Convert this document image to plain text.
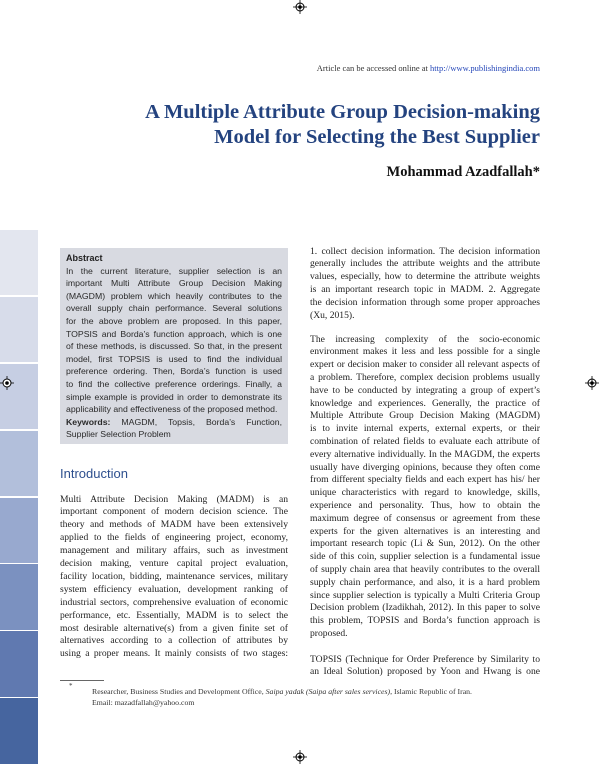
Article can be accessed online at http://www.publishingindia.com
A Multiple Attribute Group Decision-making
Model for Selecting the Best Supplier
Mohammad Azadfallah*
Abstract
In the current literature, supplier selection is an
important Multi Attribute Group Decision Making
(MAGDM) problem which heavily contributes to the
overall supply chain performance. Several solutions
for the above problem are proposed. In this paper,
TOPSIS and Borda’s function approach, which is one
of these methods, is discussed. So that, in the present
model, first TOPSIS is used to find the individual
preference ordering. Then, Borda’s function is used
to find the collective preference orderings. Finally, a
simple example is provided in order to demonstrate its
applicability and effectiveness of the proposed method.
Keywords: MAGDM, Topsis, Borda’s Function,
Supplier Selection Problem
Introduction
Multi Attribute Decision Making (MADM) is an
important component of modern decision science. The
theory and methods of MADM have been extensively
applied to the fields of engineering project, economy,
management and military affairs, such as investment
decision making, venture capital project evaluation,
facility location, bidding, maintenance services, military
system efficiency evaluation, development ranking of
industrial sectors, comprehensive evaluation of economic
performance, etc. Essentially, MADM is to select the
most desirable alternative(s) from a given finite set of
alternatives according to a collection of attributes by
using a proper means. It mainly consists of two stages:
1. collect decision information. The decision information
generally includes the attribute weights and the attribute
values, especially, how to determine the attribute weights
is an important research topic in MADM. 2. Aggregate
the decision information through some proper approaches
(Xu, 2015).
The increasing complexity of the socio-economic
environment makes it less and less possible for a single
expert or decision maker to consider all relevant aspects of
a problem. Therefore, complex decision problems usually
have to be conducted by integrating a group of expert’s
knowledge and experiences. Generally, the practice of
Multiple Attribute Group Decision Making (MAGDM)
is to invite internal experts, external experts, or their
combination of related fields to evaluate each attribute of
every alternative individually. In the MAGDM, the experts
usually have diverging opinions, because they often come
from different specialty fields and each expert has his/ her
unique characteristics with regard to knowledge, skills,
experience and personality. Thus, how to obtain the
maximum degree of consensus or agreement from these
experts for the given alternatives is an interesting and
important research topic (Li & Sun, 2012). On the other
side of this coin, supplier selection is a fundamental issue
of supply chain area that heavily contributes to the overall
supply chain performance, and also, it is a hard problem
since supplier selection is typically a Multi Criteria Group
Decision problem (Izadikhah, 2012). In this paper to solve
this problem, TOPSIS and Borda’s function approach is
proposed.
TOPSIS (Technique for Order Preference by Similarity to
an Ideal Solution) proposed by Yoon and Hwang is one
*
Researcher, Business Studies and Development Office, Saipa yadak (Saipa after sales services), Islamic Republic of Iran.
Email: mazadfallah@yahoo.com
